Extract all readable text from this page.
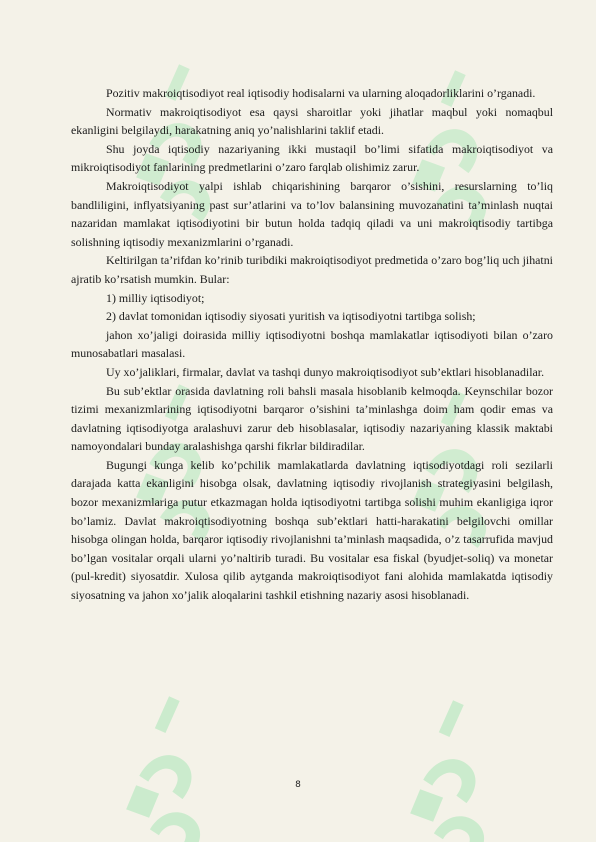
Pozitiv makroiqtisodiyot real iqtisodiy hodisalarni va ularning aloqadorliklarini o’rganadi.

Normativ makroiqtisodiyot esa qaysi sharoitlar yoki jihatlar maqbul yoki nomaqbul ekanligini belgilaydi, harakatning aniq yo’nalishlarini taklif etadi.

Shu joyda iqtisodiy nazariyaning ikki mustaqil bo’limi sifatida makroiqtisodiyot va mikroiqtisodiyot fanlarining predmetlarini o’zaro farqlab olishimiz zarur.

Makroiqtisodiyot yalpi ishlab chiqarishining barqaror o’sishini, resurslarning to’liq bandliligini, inflyatsiyaning past sur’atlarini va to’lov balansining muvozanatini ta’minlash nuqtai nazaridan mamlakat iqtisodiyotini bir butun holda tadqiq qiladi va uni makroiqtisodiy tartibga solishning iqtisodiy mexanizmlarini o’rganadi.

Keltirilgan ta’rifdan ko’rinib turibdiki makroiqtisodiyot predmetida o’zaro bog’liq uch jihatni ajratib ko’rsatish mumkin. Bular:

1) milliy iqtisodiyot;

2) davlat tomonidan iqtisodiy siyosati yuritish va iqtisodiyotni tartibga solish;

jahon xo’jaligi doirasida milliy iqtisodiyotni boshqa mamlakatlar iqtisodiyoti bilan o’zaro munosabatlari masalasi.

Uy xo’jaliklari, firmalar, davlat va tashqi dunyo makroiqtisodiyot sub’ektlari hisoblanadilar.

Bu sub’ektlar orasida davlatning roli bahsli masala hisoblanib kelmoqda. Keynschilar bozor tizimi mexanizmlarining iqtisodiyotni barqaror o’sishini ta’minlashga doim ham qodir emas va davlatning iqtisodiyotga aralashuvi zarur deb hisoblasalar, iqtisodiy nazariyaning klassik maktabi namoyondalari bunday aralashishga qarshi fikrlar bildiradilar.

Bugungi kunga kelib ko’pchilik mamlakatlarda davlatning iqtisodiyotdagi roli sezilarli darajada katta ekanligini hisobga olsak, davlatning iqtisodiy rivojlanish strategiyasini belgilash, bozor mexanizmlariga putur etkazmagan holda iqtisodiyotni tartibga solishi muhim ekanligiga iqror bo’lamiz. Davlat makroiqtisodiyotning boshqa sub’ektlari hatti-harakatini belgilovchi omillar hisobga olingan holda, barqaror iqtisodiy rivojlanishni ta’minlash maqsadida, o’z tasarrufida mavjud bo’lgan vositalar orqali ularni yo’naltirib turadi. Bu vositalar esa fiskal (byudjet-soliq) va monetar (pul-kredit) siyosatdir. Xulosa qilib aytganda makroiqtisodiyot fani alohida mamlakatda iqtisodiy siyosatning va jahon xo’jalik aloqalarini tashkil etishning nazariy asosi hisoblanadi.

8
